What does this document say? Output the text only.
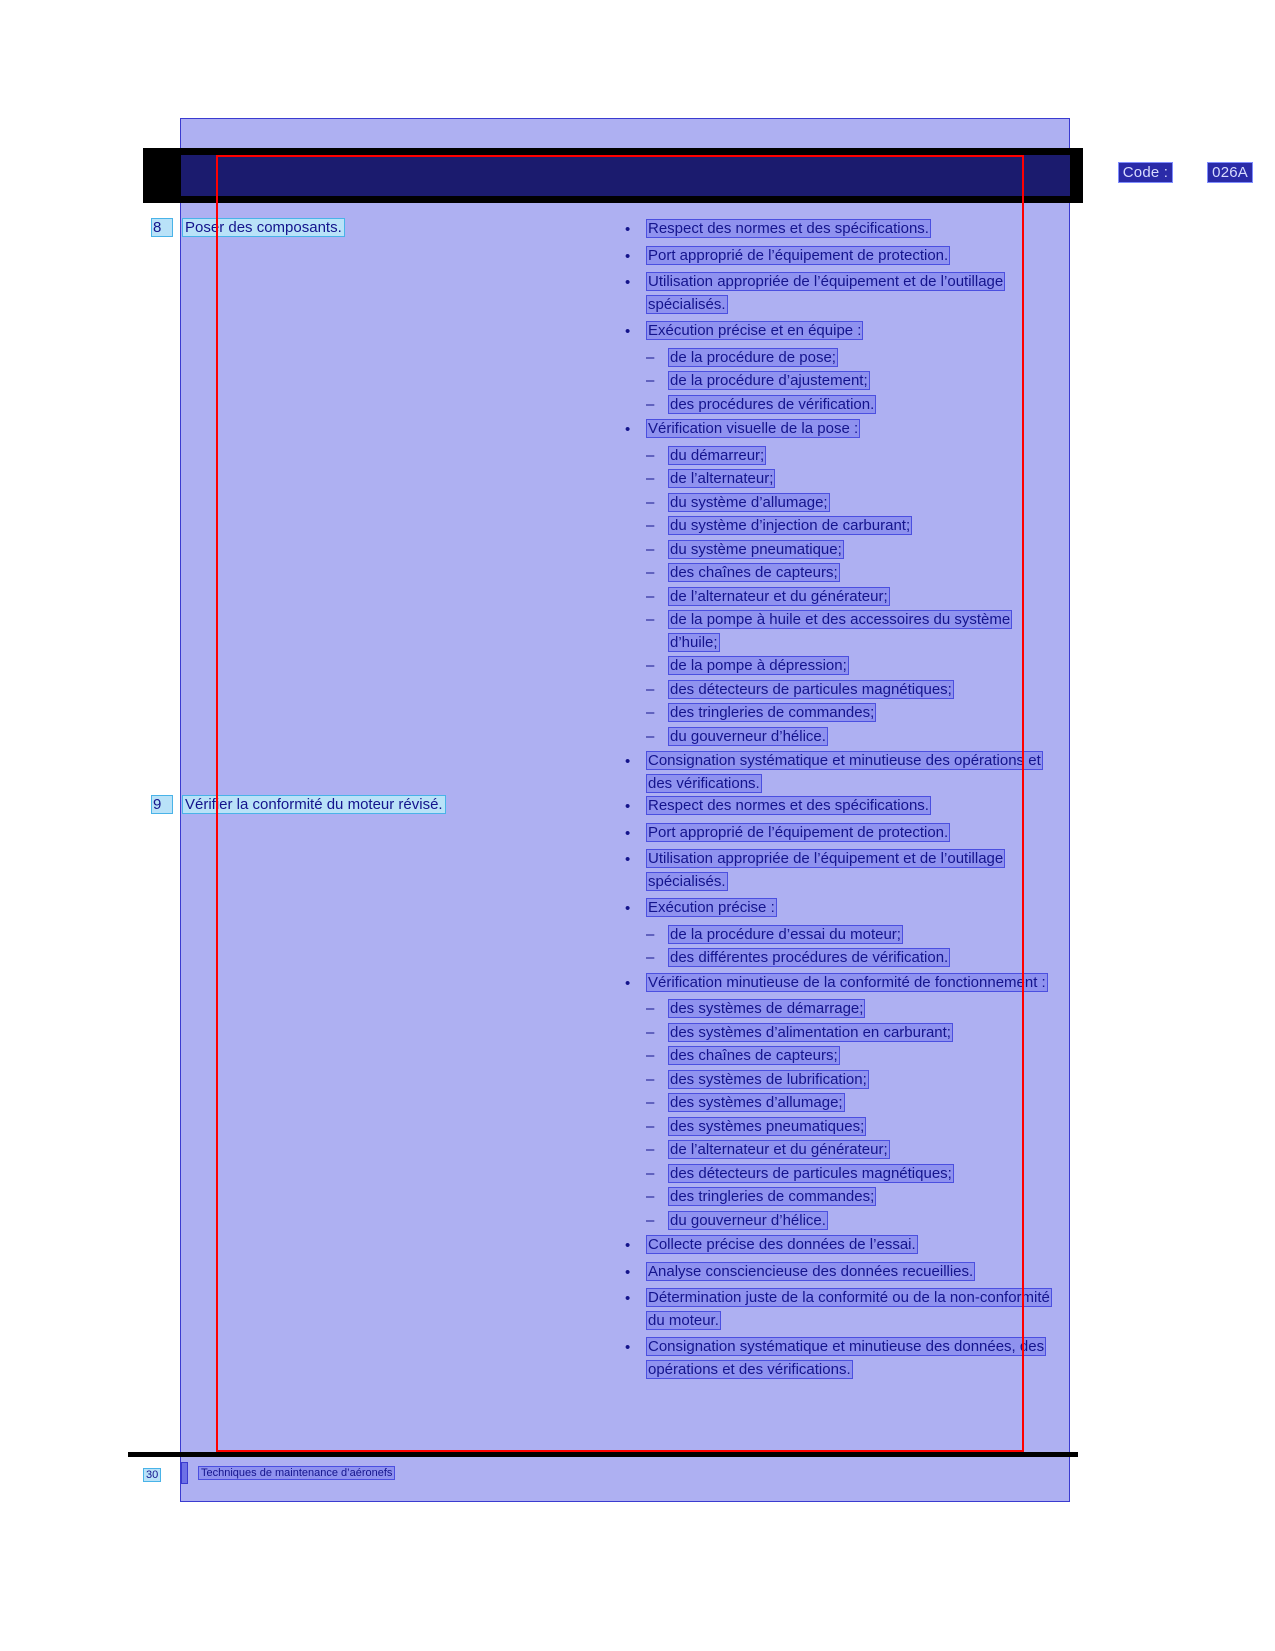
Code :	026A
8	Poser des composants.	• Respect des normes et des spécifications.
• Port approprié de l’équipement de protection.
• Utilisation appropriée de l’équipement et de l’outillage spécialisés.
• Exécution précise et en équipe :
– de la procédure de pose;
– de la procédure d’ajustement;
– des procédures de vérification.
• Vérification visuelle de la pose :
– du démarreur;
– de l’alternateur;
– du système d’allumage;
– du système d’injection de carburant;
– du système pneumatique;
– des chaînes de capteurs;
– de l’alternateur et du générateur;
– de la pompe à huile et des accessoires du système d’huile;
– de la pompe à dépression;
– des détecteurs de particules magnétiques;
– des tringleries de commandes;
– du gouverneur d’hélice.
• Consignation systématique et minutieuse des opérations et des vérifications.
9	Vérifier la conformité du moteur révisé.	• Respect des normes et des spécifications.
• Port approprié de l’équipement de protection.
• Utilisation appropriée de l’équipement et de l’outillage spécialisés.
• Exécution précise :
– de la procédure d’essai du moteur;
– des différentes procédures de vérification.
• Vérification minutieuse de la conformité de fonctionnement :
– des systèmes de démarrage;
– des systèmes d’alimentation en carburant;
– des chaînes de capteurs;
– des systèmes de lubrification;
– des systèmes d’allumage;
– des systèmes pneumatiques;
– de l’alternateur et du générateur;
– des détecteurs de particules magnétiques;
– des tringleries de commandes;
– du gouverneur d’hélice.
• Collecte précise des données de l’essai.
• Analyse consciencieuse des données recueillies.
• Détermination juste de la conformité ou de la non-conformité du moteur.
• Consignation systématique et minutieuse des données, des opérations et des vérifications.
30	Techniques de maintenance d’aéronefs
